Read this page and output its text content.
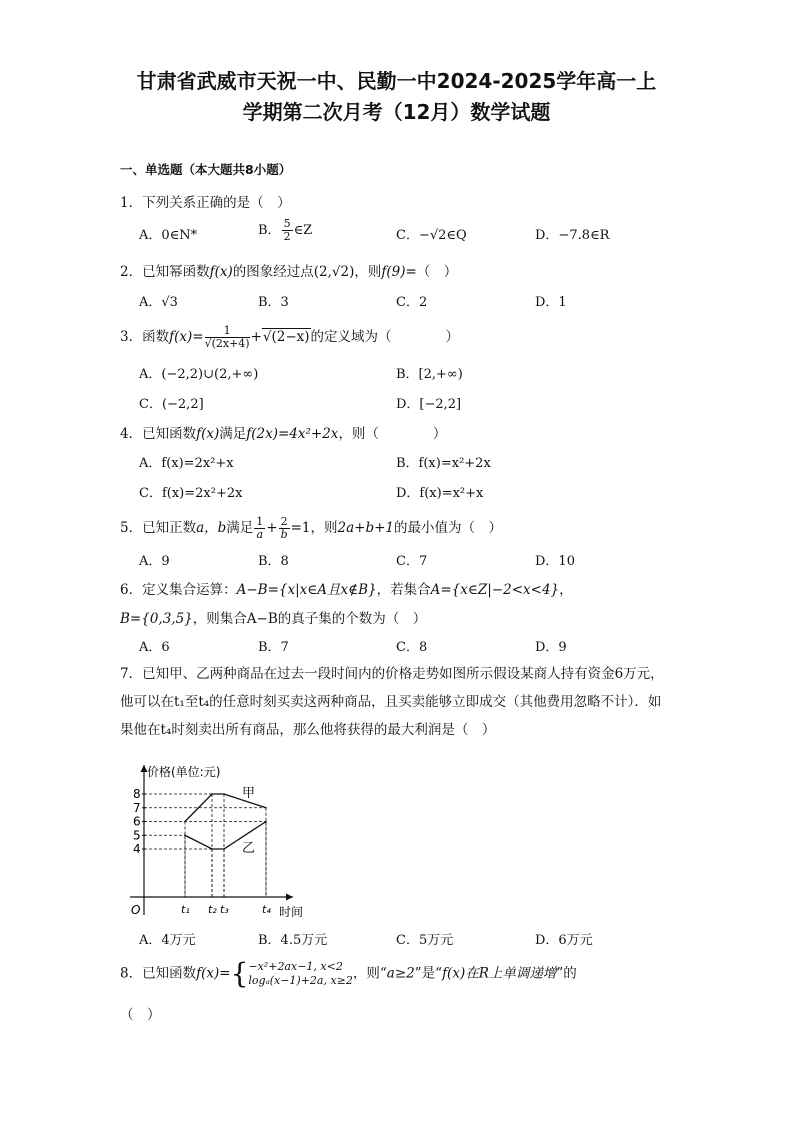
甘肃省武威市天祝一中、民勤一中2024-2025学年高一上
学期第二次月考（12月）数学试题
一、单选题（本大题共8小题）
1．下列关系正确的是（　）
A．0∈N*	B． $\frac{5}{2}$ ∈Z	C．−√2∈Q	D．−7.8∈R
2．已知幂函数f(x)的图象经过点(2,√2)，则f(9)=（　）
A．√3	B．3	C．2	D．1
3．函数$f(x)= \frac{1}{√(2x+4)} +√(2-x)$的定义域为（　　　　）
A．(−2,2)∪(2,+∞)	B．[2,+∞)
C．(−2,2]	D．[−2,2]
4．已知函数f(x)满足f(2x)=4x²+2x，则（　　　　）
A．f(x)=2x²+x	B．f(x)=x²+2x
C．f(x)=2x²+2x	D．f(x)=x²+x
5．已知正数a，b满足 $\frac{1}{a} + \frac{2}{b} =1$，则2a+b+1的最小值为（　）
A．9	B．8	C．7	D．10
6．定义集合运算：A−B={x|x∈A且x∉B}，若集合A={x∈Z|−2<x<4}，
B={0,3,5}，则集合A−B的真子集的个数为（　）
A．6	B．7	C．8	D．9
7．已知甲、乙两种商品在过去一段时间内的价格走势如图所示假设某商人持有资金6万元，他可以在t₁至t₄的任意时刻买卖这两种商品，且买卖能够立即成交（其他费用忽略不计）．如果他在t₄时刻卖出所有商品，那么他将获得的最大利润是（　）
价格(单位:元)
时间
O
4
5
6
7
8
t₁ t₂ t₃	t₄
甲
乙
A．4万元	B．4.5万元	C．5万元	D．6万元
8．已知函数f(x)={ −x²+2ax−1, x<2
logₐ(x−1)+2a, x≥2 ，则“a≥2”是“f(x)在R上单调递增”的
（　）
